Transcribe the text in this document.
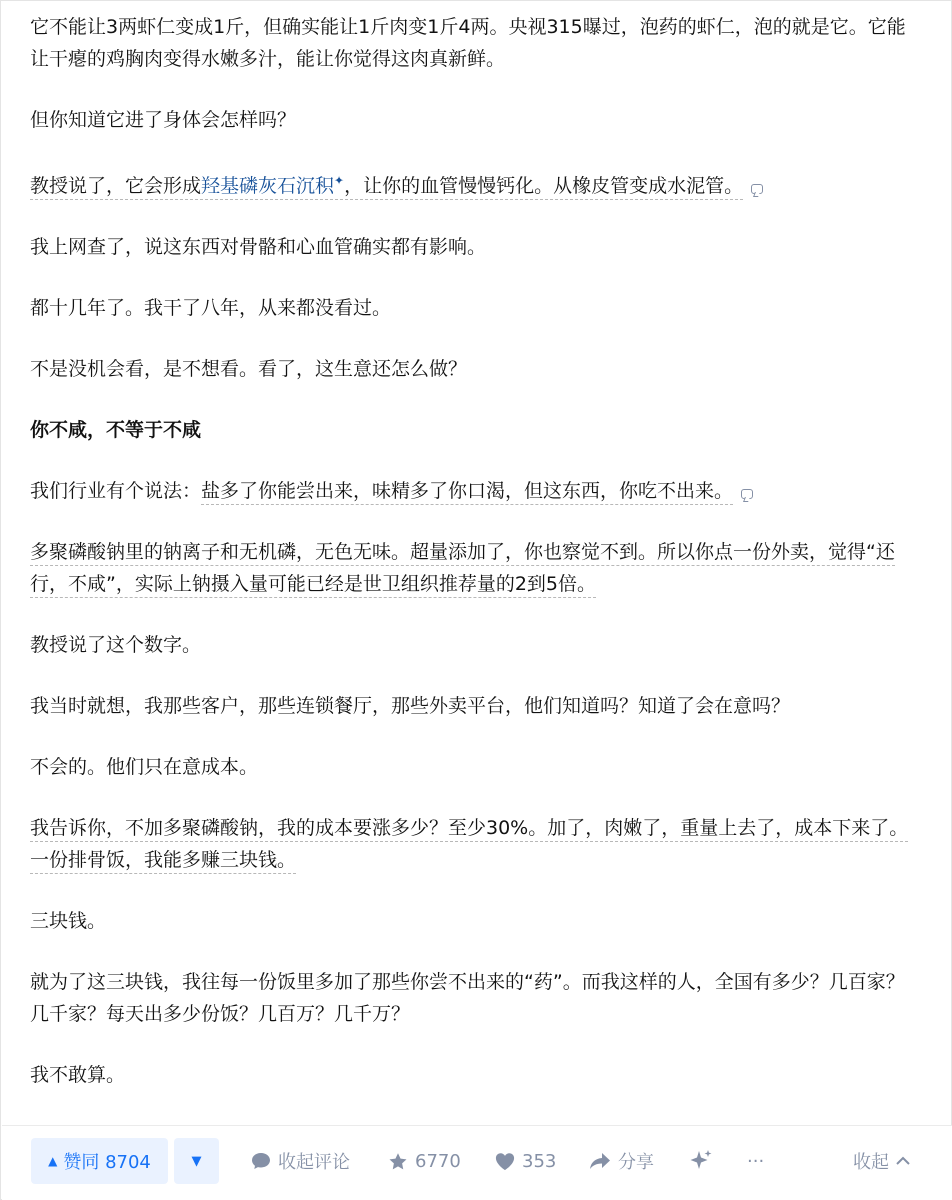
它不能让3两虾仁变成1斤，但确实能让1斤肉变1斤4两。央视315曝过，泡药的虾仁，泡的就是它。它能让干瘪的鸡胸肉变得水嫩多汁，能让你觉得这肉真新鲜。

但你知道它进了身体会怎样吗？

教授说了，它会形成羟基磷灰石沉积✦，让你的血管慢慢钙化。从橡皮管变成水泥管。

我上网查了，说这东西对骨骼和心血管确实都有影响。

都十几年了。我干了八年，从来都没看过。

不是没机会看，是不想看。看了，这生意还怎么做？

你不咸，不等于不咸

我们行业有个说法：盐多了你能尝出来，味精多了你口渴，但这东西，你吃不出来。

多聚磷酸钠里的钠离子和无机磷，无色无味。超量添加了，你也察觉不到。所以你点一份外卖，觉得“还行，不咸”，实际上钠摄入量可能已经是世卫组织推荐量的2到5倍。

教授说了这个数字。

我当时就想，我那些客户，那些连锁餐厅，那些外卖平台，他们知道吗？知道了会在意吗？

不会的。他们只在意成本。

我告诉你，不加多聚磷酸钠，我的成本要涨多少？至少30%。加了，肉嫩了，重量上去了，成本下来了。一份排骨饭，我能多赚三块钱。

三块钱。

就为了这三块钱，我往每一份饭里多加了那些你尝不出来的“药”。而我这样的人，全国有多少？几百家？几千家？每天出多少份饭？几百万？几千万？

我不敢算。

▲ 赞同 8704	▼	收起评论	6770	353	分享	···	收起
